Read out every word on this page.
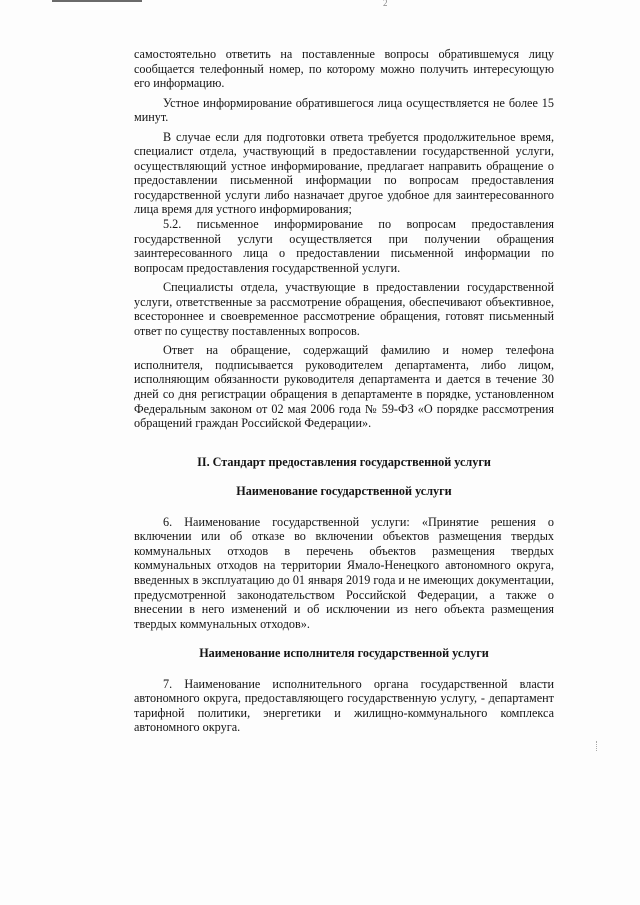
2

самостоятельно ответить на поставленные вопросы обратившемуся лицу сообщается телефонный номер, по которому можно получить интересующую его информацию.

Устное информирование обратившегося лица осуществляется не более 15 минут.

В случае если для подготовки ответа требуется продолжительное время, специалист отдела, участвующий в предоставлении государственной услуги, осуществляющий устное информирование, предлагает направить обращение о предоставлении письменной информации по вопросам предоставления государственной услуги либо назначает другое удобное для заинтересованного лица время для устного информирования;

5.2. письменное информирование по вопросам предоставления государственной услуги осуществляется при получении обращения заинтересованного лица о предоставлении письменной информации по вопросам предоставления государственной услуги.

Специалисты отдела, участвующие в предоставлении государственной услуги, ответственные за рассмотрение обращения, обеспечивают объективное, всестороннее и своевременное рассмотрение обращения, готовят письменный ответ по существу поставленных вопросов.

Ответ на обращение, содержащий фамилию и номер телефона исполнителя, подписывается руководителем департамента, либо лицом, исполняющим обязанности руководителя департамента и дается в течение 30 дней со дня регистрации обращения в департаменте в порядке, установленном Федеральным законом от 02 мая 2006 года № 59-ФЗ «О порядке рассмотрения обращений граждан Российской Федерации».

II. Стандарт предоставления государственной услуги

Наименование государственной услуги

6. Наименование государственной услуги: «Принятие решения о включении или об отказе во включении объектов размещения твердых коммунальных отходов в перечень объектов размещения твердых коммунальных отходов на территории Ямало-Ненецкого автономного округа, введенных в эксплуатацию до 01 января 2019 года и не имеющих документации, предусмотренной законодательством Российской Федерации, а также о внесении в него изменений и об исключении из него объекта размещения твердых коммунальных отходов».

Наименование исполнителя государственной услуги

7. Наименование исполнительного органа государственной власти автономного округа, предоставляющего государственную услугу, - департамент тарифной политики, энергетики и жилищно-коммунального комплекса автономного округа.
